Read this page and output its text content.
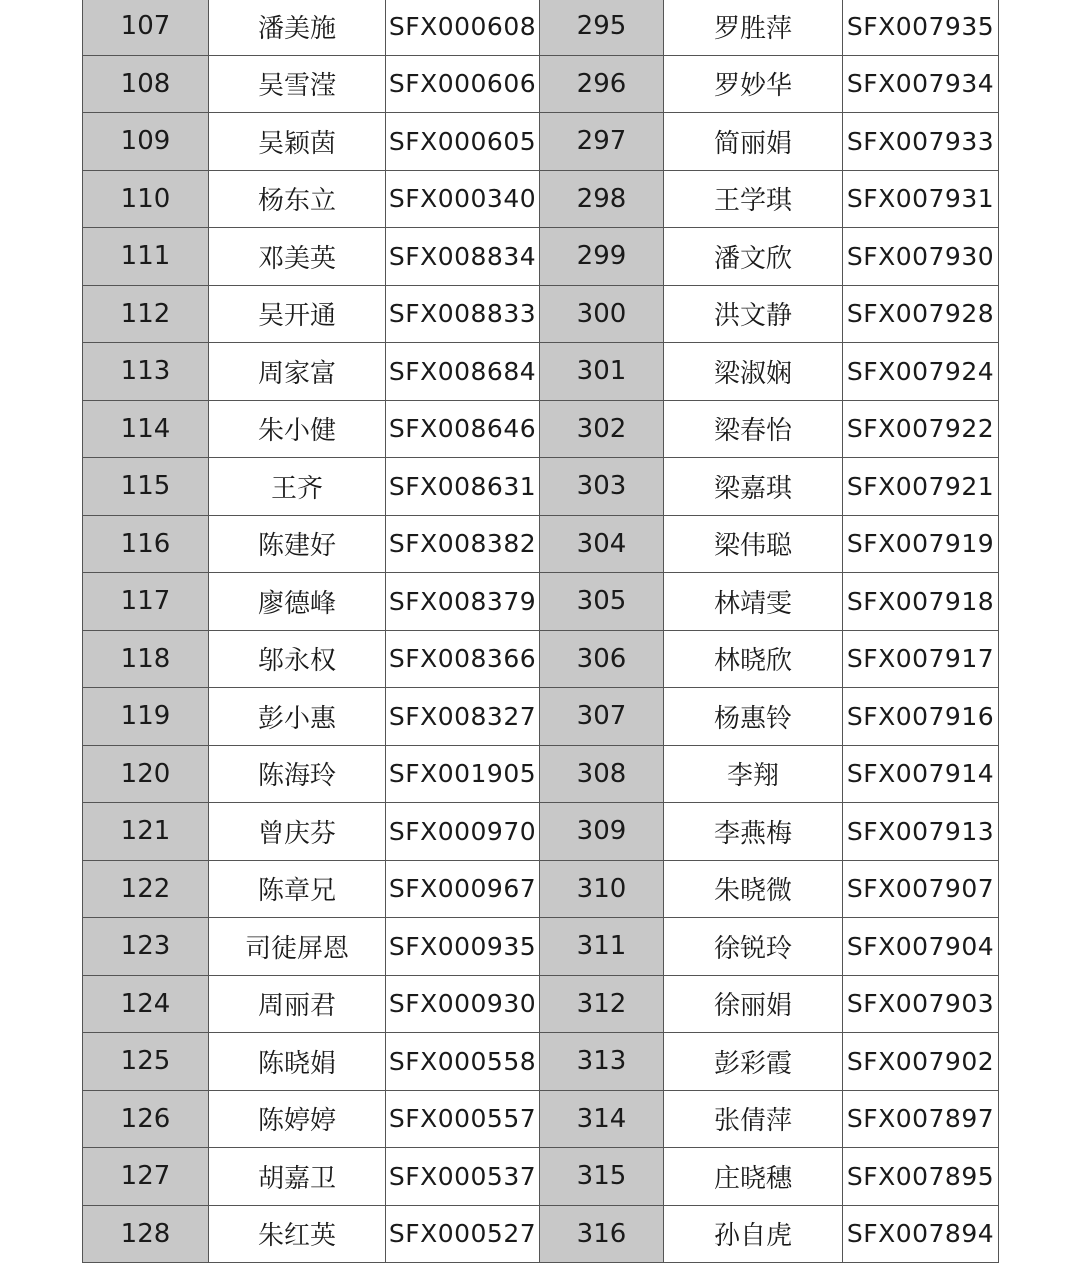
107	潘美施	SFX000608	295	罗胜萍	SFX007935
108	吴雪滢	SFX000606	296	罗妙华	SFX007934
109	吴颖茵	SFX000605	297	简丽娟	SFX007933
110	杨东立	SFX000340	298	王学琪	SFX007931
111	邓美英	SFX008834	299	潘文欣	SFX007930
112	吴开通	SFX008833	300	洪文静	SFX007928
113	周家富	SFX008684	301	梁淑娴	SFX007924
114	朱小健	SFX008646	302	梁春怡	SFX007922
115	王齐	SFX008631	303	梁嘉琪	SFX007921
116	陈建好	SFX008382	304	梁伟聪	SFX007919
117	廖德峰	SFX008379	305	林靖雯	SFX007918
118	邬永权	SFX008366	306	林晓欣	SFX007917
119	彭小惠	SFX008327	307	杨惠铃	SFX007916
120	陈海玲	SFX001905	308	李翔	SFX007914
121	曾庆芬	SFX000970	309	李燕梅	SFX007913
122	陈章兄	SFX000967	310	朱晓微	SFX007907
123	司徒屏恩	SFX000935	311	徐锐玲	SFX007904
124	周丽君	SFX000930	312	徐丽娟	SFX007903
125	陈晓娟	SFX000558	313	彭彩霞	SFX007902
126	陈婷婷	SFX000557	314	张倩萍	SFX007897
127	胡嘉卫	SFX000537	315	庄晓穗	SFX007895
128	朱红英	SFX000527	316	孙自虎	SFX007894
